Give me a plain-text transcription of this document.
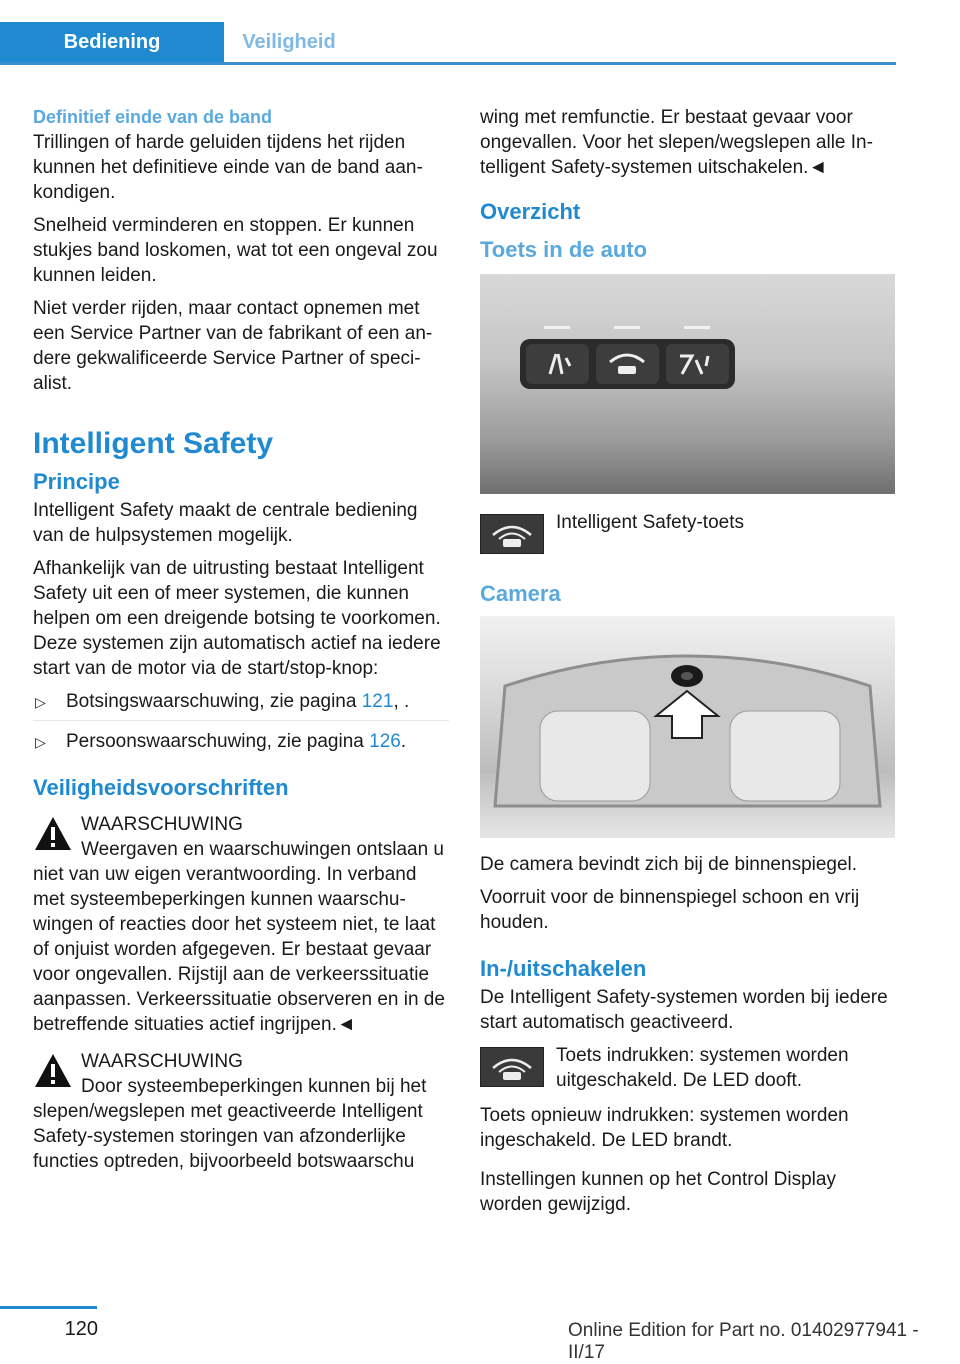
Bediening	Veiligheid

Definitief einde van de band

Trillingen of harde geluiden tijdens het rijden kunnen het definitieve einde van de band aankondigen.

Snelheid verminderen en stoppen. Er kunnen stukjes band loskomen, wat tot een ongeval zou kunnen leiden.

Niet verder rijden, maar contact opnemen met een Service Partner van de fabrikant of een andere gekwalificeerde Service Partner of specialist.

Intelligent Safety
Principe

Intelligent Safety maakt de centrale bediening van de hulpsystemen mogelijk.

Afhankelijk van de uitrusting bestaat Intelligent Safety uit een of meer systemen, die kunnen helpen om een dreigende botsing te voorkomen. Deze systemen zijn automatisch actief na iedere start van de motor via de start/stop-knop:

▷ Botsingswaarschuwing, zie pagina 121, .
▷ Persoonswaarschuwing, zie pagina 126.
Veiligheidsvoorschriften

WAARSCHUWING

Weergaven en waarschuwingen ontslaan u niet van uw eigen verantwoording. In verband met systeembeperkingen kunnen waarschuwingen of reacties door het systeem niet, te laat of onjuist worden afgegeven. Er bestaat gevaar voor ongevallen. Rijstijl aan de verkeerssituatie aanpassen. Verkeerssituatie observeren en in de betreffende situaties actief ingrijpen.◄

WAARSCHUWING

Door systeembeperkingen kunnen bij het slepen/wegslepen met geactiveerde Intelligent Safety-systemen storingen van afzonderlijke functies optreden, bijvoorbeeld botswaarschu

wing met remfunctie. Er bestaat gevaar voor ongevallen. Voor het slepen/wegslepen alle Intelligent Safety-systemen uitschakelen.◄

Overzicht
Toets in de auto
Intelligent Safety-toets
Camera

De camera bevindt zich bij de binnenspiegel.

Voorruit voor de binnenspiegel schoon en vrij houden.

In-/uitschakelen

De Intelligent Safety-systemen worden bij iedere start automatisch geactiveerd.

Toets indrukken: systemen worden uitgeschakeld. De LED dooft.

Toets opnieuw indrukken: systemen worden ingeschakeld. De LED brandt.

Instellingen kunnen op het Control Display worden gewijzigd.

120	Online Edition for Part no. 01402977941 - II/17
